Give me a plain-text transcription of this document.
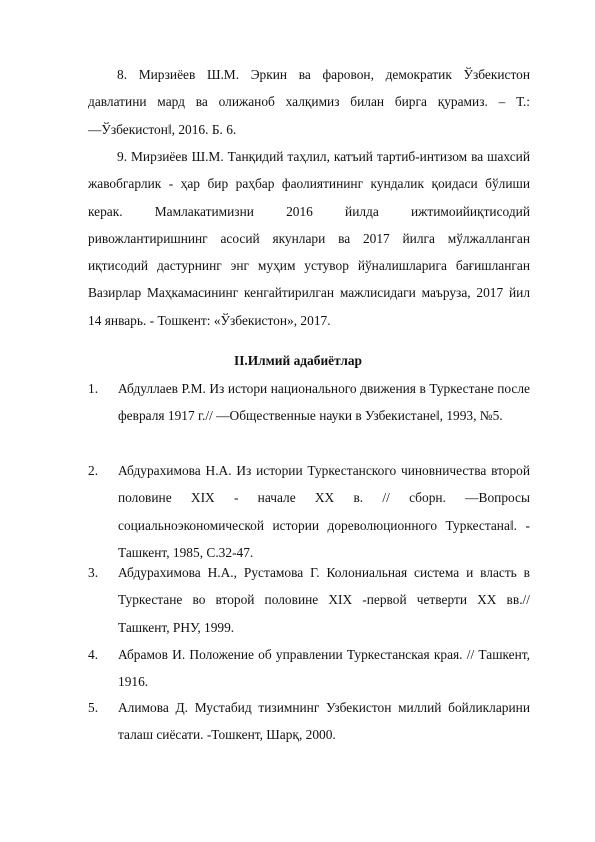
8. Мирзиёев Ш.М. Эркин ва фаровон, демократик Ўзбекистон давлатини мард ва олижаноб халқимиз билан бирга қурамиз. – Т.: ―Ўзбекистон‖, 2016. Б. 6.

9. Мирзиёев Ш.М. Танқидий таҳлил, катъий тартиб-интизом ва шахсий жавобгарлик - ҳар бир раҳбар фаолиятининг кундалик қоидаси бўлиши керак. Мамлакатимизни 2016 йилда ижтимоийиқтисодий ривожлантиришнинг асосий якунлари ва 2017 йилга мўлжалланган иқтисодий дастурнинг энг муҳим устувор йўналишларига бағишланган Вазирлар Маҳкамасининг кенгайтирилган мажлисидаги маъруза, 2017 йил 14 январь. - Тошкент: «Ўзбекистон», 2017.

II.Илмий адабиётлар
1. Абдуллаев Р.М. Из истори национального движения в Туркестане после февраля 1917 г.// ―Общественные науки в Узбекистане‖, 1993, №5.

2. Абдурахимова Н.А. Из истории Туркестанского чиновничества второй половинe XIX - начале XX в. // сборн. ―Вопросы социальноэкономической истории дореволюционного Туркестана‖. - Ташкент, 1985, С.32-47.

3. Абдурахимова Н.А., Рустамова Г. Колониальная система и власть в Туркестане во второй половине XIX -первой четверти XX вв.// Ташкент, РНУ, 1999.

4. Абрамов И. Положение об управлении Туркестанская края. // Ташкент, 1916.

5. Алимова Д. Мустабид тизимнинг Узбекистон миллий бойликларини талаш сиёсати. -Тошкент, Шарқ, 2000.
